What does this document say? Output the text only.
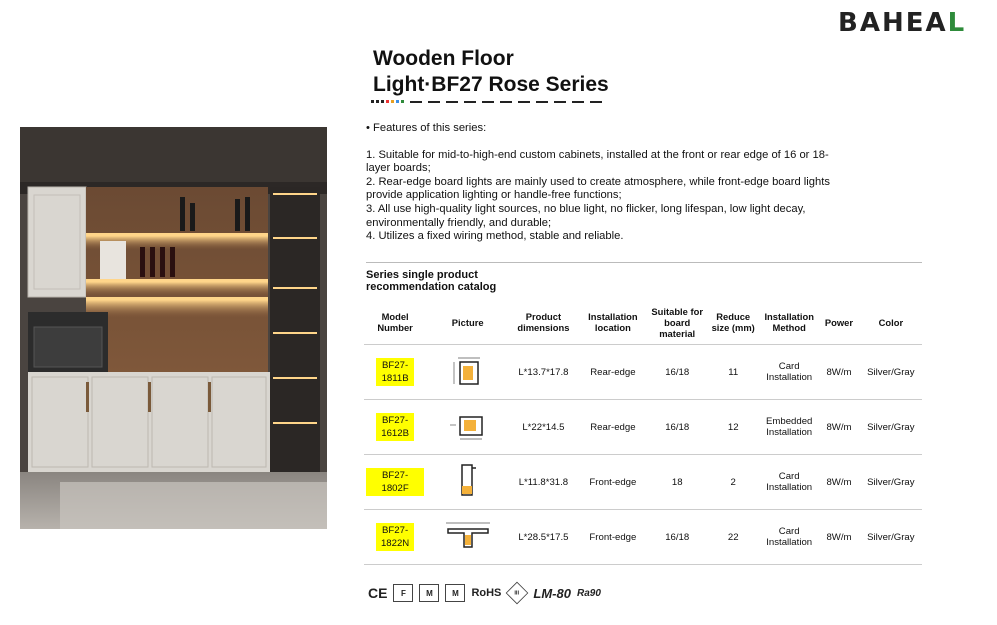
BAHEAL
Wooden Floor
Light·BF27 Rose Series

• Features of this series:

1. Suitable for mid-to-high-end custom cabinets, installed at the front or rear edge of 16 or 18-layer boards;

2. Rear-edge board lights are mainly used to create atmosphere, while front-edge board lights provide application lighting or handle-free functions;

3. All use high-quality light sources, no blue light, no flicker, long lifespan, low light decay, environmentally friendly, and durable;

4. Utilizes a fixed wiring method, stable and reliable.

Series single product
recommendation catalog
Model Number	Picture	Product dimensions	Installation location	Suitable for board material	Reduce size (mm)	Installation Method	Power	Color
BF27-1811B		L*13.7*17.8	Rear-edge	16/18	11	Card Installation	8W/m	Silver/Gray
BF27-1612B		L*22*14.5	Rear-edge	16/18	12	Embedded Installation	8W/m	Silver/Gray
BF27-1802F		L*11.8*31.8	Front-edge	18	2	Card Installation	8W/m	Silver/Gray
BF27-1822N		L*28.5*17.5	Front-edge	16/18	22	Card Installation	8W/m	Silver/Gray
CE	F	M	M	RoHS III LM-80 Ra90
